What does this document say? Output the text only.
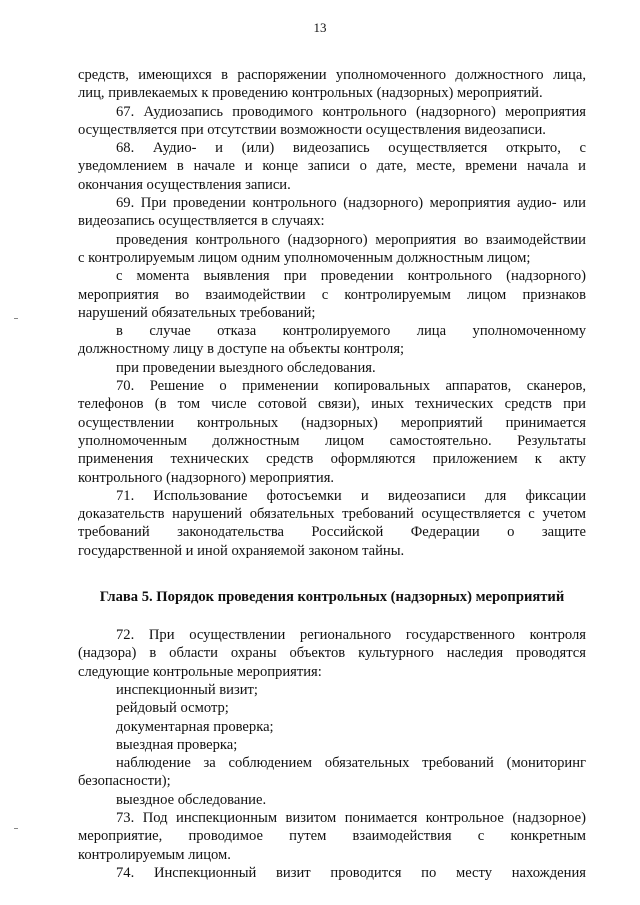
13
средств, имеющихся в распоряжении уполномоченного должностного лица,
лиц, привлекаемых к проведению контрольных (надзорных) мероприятий.
67. Аудиозапись проводимого контрольного (надзорного) мероприятия
осуществляется при отсутствии возможности осуществления видеозаписи.
68. Аудио- и (или) видеозапись осуществляется открыто, с
уведомлением в начале и конце записи о дате, месте, времени начала и
окончания осуществления записи.
69. При проведении контрольного (надзорного) мероприятия аудио- или
видеозапись осуществляется в случаях:
проведения контрольного (надзорного) мероприятия во взаимодействии
с контролируемым лицом одним уполномоченным должностным лицом;
с момента выявления при проведении контрольного (надзорного)
мероприятия во взаимодействии с контролируемым лицом признаков
нарушений обязательных требований;
в случае отказа контролируемого лица уполномоченному
должностному лицу в доступе на объекты контроля;
при проведении выездного обследования.
70. Решение о применении копировальных аппаратов, сканеров,
телефонов (в том числе сотовой связи), иных технических средств при
осуществлении контрольных (надзорных) мероприятий принимается
уполномоченным должностным лицом самостоятельно. Результаты
применения технических средств оформляются приложением к акту
контрольного (надзорного) мероприятия.
71. Использование фотосъемки и видеозаписи для фиксации
доказательств нарушений обязательных требований осуществляется с учетом
требований законодательства Российской Федерации о защите
государственной и иной охраняемой законом тайны.
Глава 5. Порядок проведения контрольных (надзорных) мероприятий
72. При осуществлении регионального государственного контроля
(надзора) в области охраны объектов культурного наследия проводятся
следующие контрольные мероприятия:
инспекционный визит;
рейдовый осмотр;
документарная проверка;
выездная проверка;
наблюдение за соблюдением обязательных требований (мониторинг
безопасности);
выездное обследование.
73. Под инспекционным визитом понимается контрольное (надзорное)
мероприятие, проводимое путем взаимодействия с конкретным
контролируемым лицом.
74. Инспекционный визит проводится по месту нахождения
